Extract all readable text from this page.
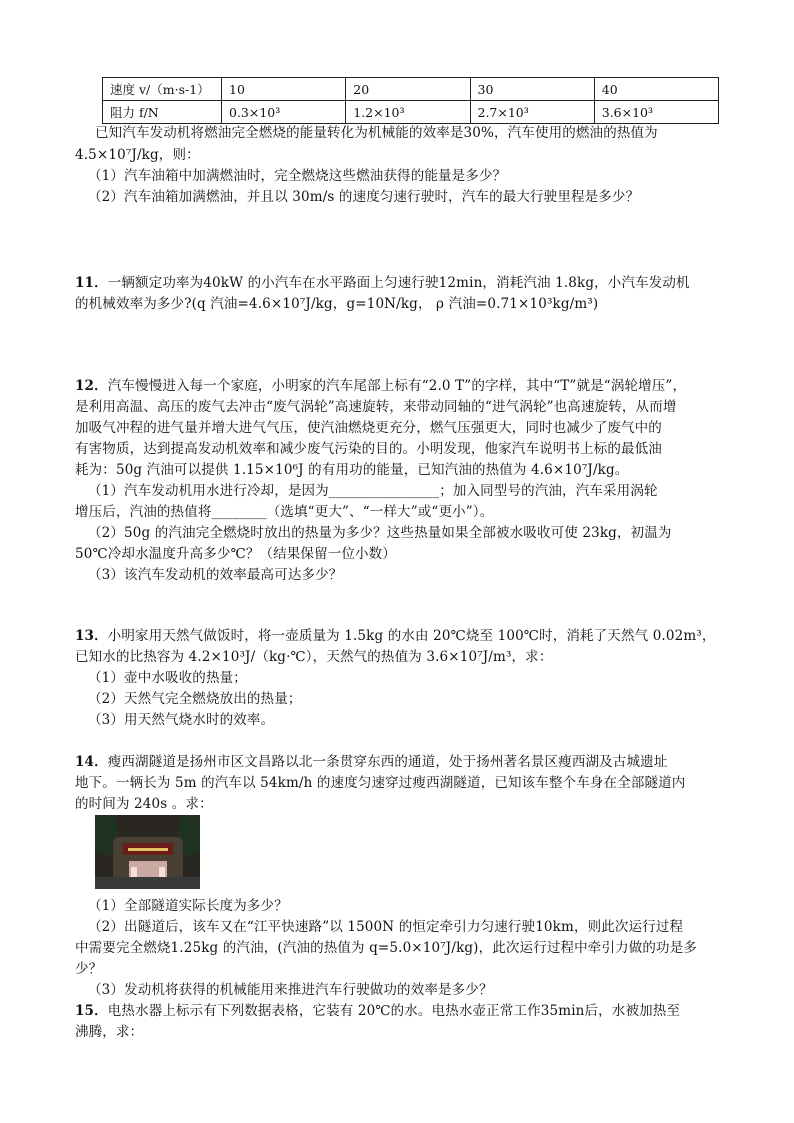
速度 v/（m·s-1）	10	20	30	40
阻力 f/N	0.3×10³	1.2×10³	2.7×10³	3.6×10³
已知汽车发动机将燃油完全燃烧的能量转化为机械能的效率是30%，汽车使用的燃油的热值为
4.5×10⁷J/kg，则：
（1）汽车油箱中加满燃油时，完全燃烧这些燃油获得的能量是多少？
（2）汽车油箱加满燃油，并且以 30m/s 的速度匀速行驶时，汽车的最大行驶里程是多少？
11．一辆额定功率为40kW 的小汽车在水平路面上匀速行驶12min，消耗汽油 1.8kg，小汽车发动机
的机械效率为多少?(q 汽油=4.6×10⁷J/kg，g=10N/kg， ρ 汽油=0.71×10³kg/m³)
12．汽车慢慢进入每一个家庭，小明家的汽车尾部上标有“2.0 T”的字样，其中“T”就是“涡轮增压”，
是利用高温、高压的废气去冲击“废气涡轮”高速旋转，来带动同轴的“进气涡轮”也高速旋转，从而增
加吸气冲程的进气量并增大进气气压，使汽油燃烧更充分，燃气压强更大，同时也减少了废气中的
有害物质，达到提高发动机效率和减少废气污染的目的。小明发现，他家汽车说明书上标的最低油
耗为：50g 汽油可以提供 1.15×10⁶J 的有用功的能量，已知汽油的热值为 4.6×10⁷J/kg。
（1）汽车发动机用水进行冷却，是因为________________；加入同型号的汽油，汽车采用涡轮
增压后，汽油的热值将________（选填“更大”、“一样大”或“更小”）。
（2）50g 的汽油完全燃烧时放出的热量为多少？这些热量如果全部被水吸收可使 23kg，初温为
50℃冷却水温度升高多少℃？（结果保留一位小数）
（3）该汽车发动机的效率最高可达多少？
13．小明家用天然气做饭时，将一壶质量为 1.5kg 的水由 20℃烧至 100℃时，消耗了天然气 0.02m³，
已知水的比热容为 4.2×10³J/（kg·℃），天然气的热值为 3.6×10⁷J/m³，求：
（1）壶中水吸收的热量；
（2）天然气完全燃烧放出的热量；
（3）用天然气烧水时的效率。
14．瘦西湖隧道是扬州市区文昌路以北一条贯穿东西的通道，处于扬州著名景区瘦西湖及古城遗址
地下。一辆长为 5m 的汽车以 54km/h 的速度匀速穿过瘦西湖隧道，已知该车整个车身在全部隧道内
的时间为 240s 。求：
（1）全部隧道实际长度为多少？
（2）出隧道后，该车又在“江平快速路”以 1500N 的恒定牵引力匀速行驶10km，则此次运行过程
中需要完全燃烧1.25kg 的汽油，(汽油的热值为 q=5.0×10⁷J/kg)，此次运行过程中牵引力做的功是多
少？
（3）发动机将获得的机械能用来推进汽车行驶做功的效率是多少？
15．电热水器上标示有下列数据表格，它装有 20℃的水。电热水壶正常工作35min后，水被加热至
沸腾，求：
